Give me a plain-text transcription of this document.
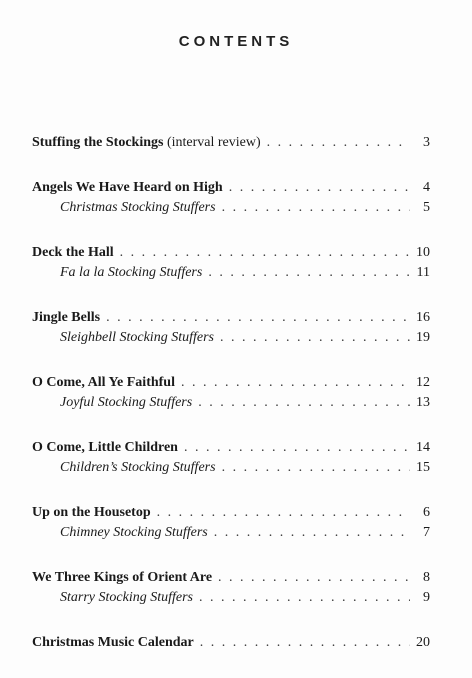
CONTENTS
Stuffing the Stockings (interval review) . . .	3
Angels We Have Heard on High . . .	4
Christmas Stocking Stuffers . . .	5
Deck the Hall . . .	10
Fa la la Stocking Stuffers . . .	11
Jingle Bells . . .	16
Sleighbell Stocking Stuffers . . .	19
O Come, All Ye Faithful . . .	12
Joyful Stocking Stuffers . . .	13
O Come, Little Children . . .	14
Children’s Stocking Stuffers . . .	15
Up on the Housetop . . .	6
Chimney Stocking Stuffers . . .	7
We Three Kings of Orient Are . . .	8
Starry Stocking Stuffers . . .	9
Christmas Music Calendar . . .	20
